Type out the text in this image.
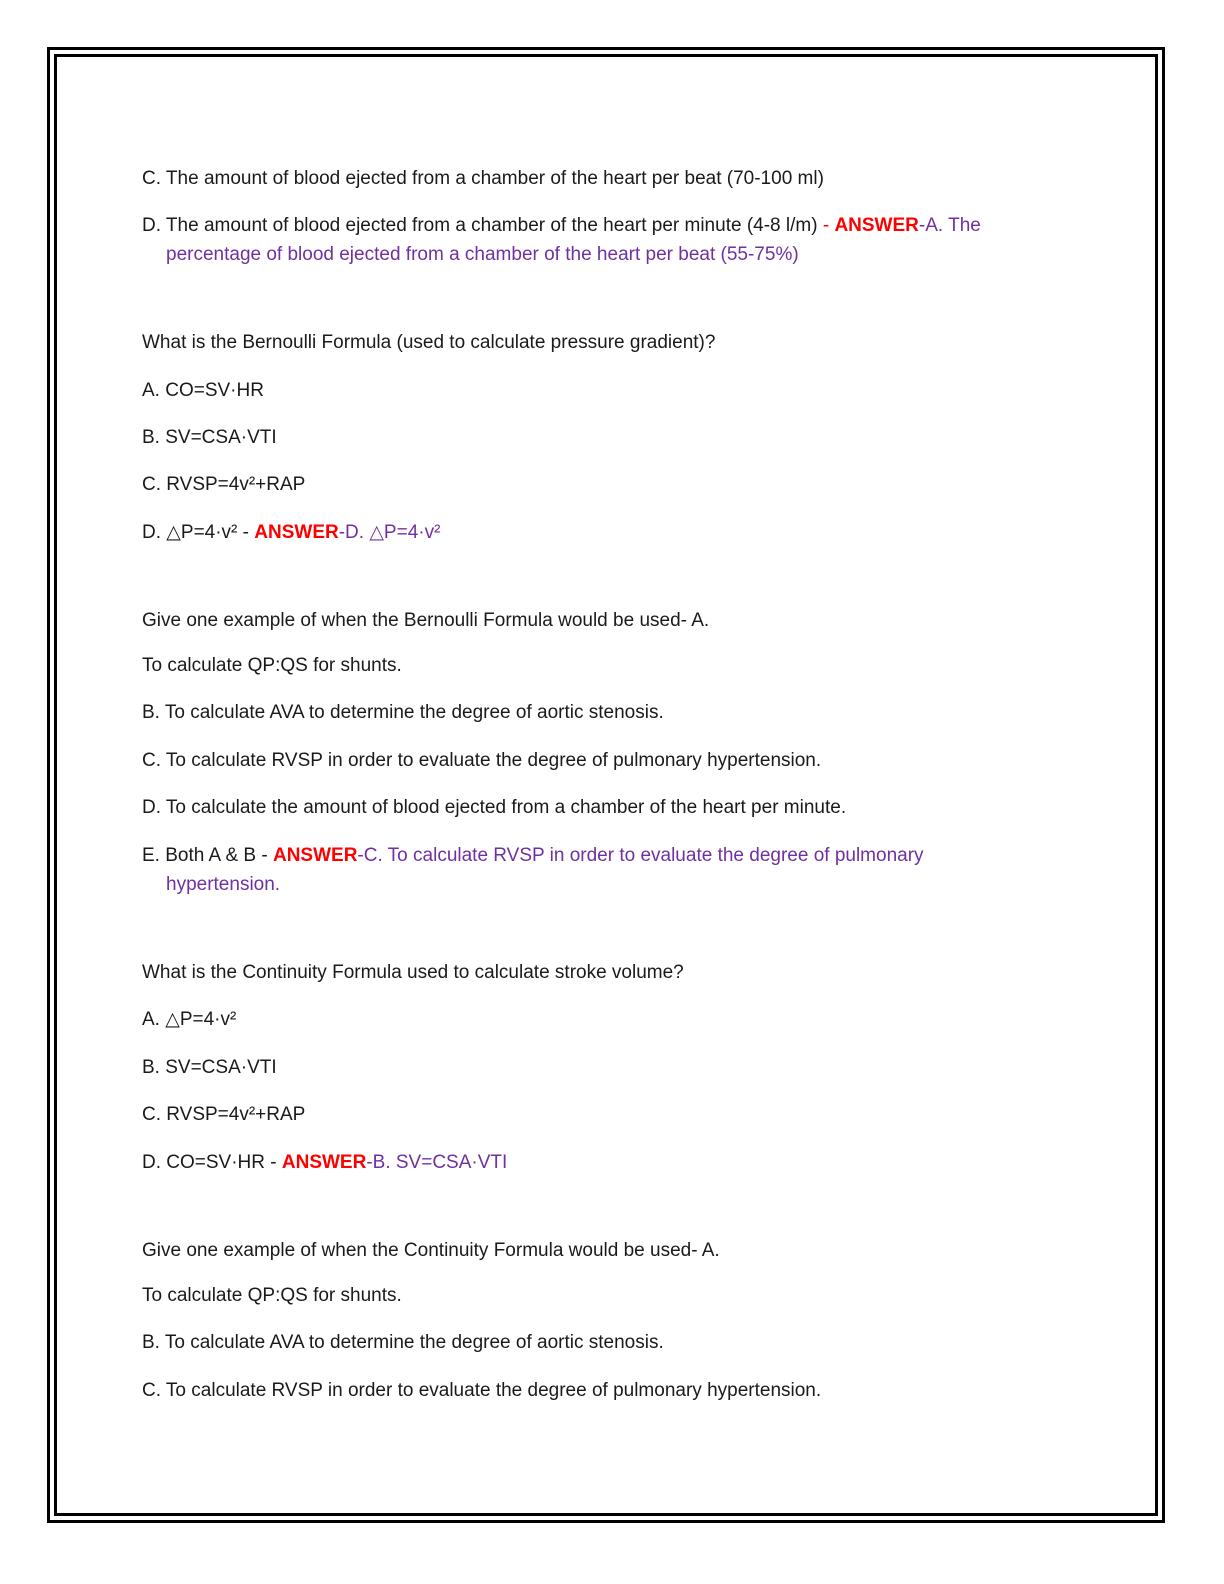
C. The amount of blood ejected from a chamber of the heart per beat (70-100 ml)
D. The amount of blood ejected from a chamber of the heart per minute (4-8 l/m) - ANSWER-A. The
percentage of blood ejected from a chamber of the heart per beat (55-75%)
What is the Bernoulli Formula (used to calculate pressure gradient)?
A. CO=SV·HR
B. SV=CSA·VTI
C. RVSP=4v²+RAP
D. △P=4·v² - ANSWER-D. △P=4·v²
Give one example of when the Bernoulli Formula would be used- A.
To calculate QP:QS for shunts.
B. To calculate AVA to determine the degree of aortic stenosis.
C. To calculate RVSP in order to evaluate the degree of pulmonary hypertension.
D. To calculate the amount of blood ejected from a chamber of the heart per minute.
E. Both A & B - ANSWER-C. To calculate RVSP in order to evaluate the degree of pulmonary
hypertension.
What is the Continuity Formula used to calculate stroke volume?
A. △P=4·v²
B. SV=CSA·VTI
C. RVSP=4v²+RAP
D. CO=SV·HR - ANSWER-B. SV=CSA·VTI
Give one example of when the Continuity Formula would be used- A.
To calculate QP:QS for shunts.
B. To calculate AVA to determine the degree of aortic stenosis.
C. To calculate RVSP in order to evaluate the degree of pulmonary hypertension.
